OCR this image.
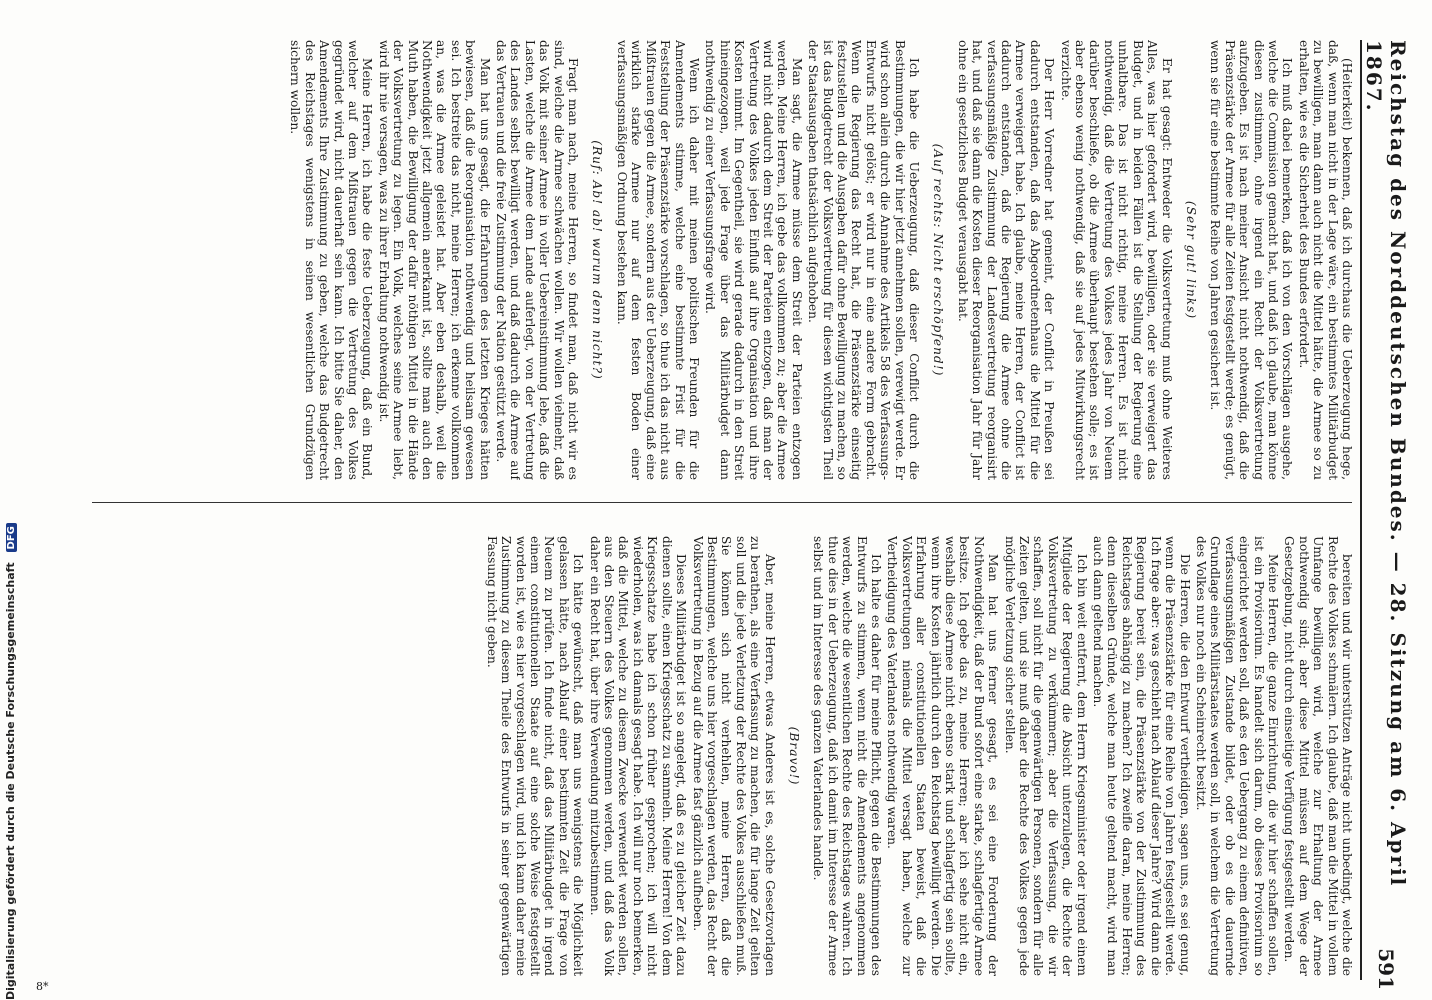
Reichstag des Norddeutschen Bundes. — 28. Sitzung am 6. April 1867.
591

(Heiterkeit) bekennen, daß ich durchaus die Ueberzeugung hege, daß, wenn man nicht in der Lage wäre, ein bestimmtes Militärbudget zu bewilligen, man dann auch nicht die Mittel hätte, die Armee so zu erhalten, wie es die Sicherheit des Bundes erfordert.

Ich muß dabei bemerken, daß ich von den Vorschlägen ausgehe, welche die Commission gemacht hat, und daß ich glaube, man könne diesen zustimmen, ohne irgend ein Recht der Volksvertretung aufzugeben. Es ist nach meiner Ansicht nicht nothwendig, daß die Präsenzstärke der Armee für alle Zeiten festgestellt werde; es genügt, wenn sie für eine bestimmte Reihe von Jahren gesichert ist.

(Sehr gut! links)

Er hat gesagt: Entweder die Volksvertretung muß ohne Weiteres Alles, was hier gefordert wird, bewilligen, oder sie verweigert das Budget, und in beiden Fällen ist die Stellung der Regierung eine unhaltbare. Das ist nicht richtig, meine Herren. Es ist nicht nothwendig, daß die Vertretung des Volkes jedes Jahr von Neuem darüber beschließe, ob die Armee überhaupt bestehen solle; es ist aber ebenso wenig nothwendig, daß sie auf jedes Mitwirkungsrecht verzichte.

Der Herr Vorredner hat gemeint, der Conflict in Preußen sei dadurch entstanden, daß das Abgeordnetenhaus die Mittel für die Armee verweigert habe. Ich glaube, meine Herren, der Conflict ist dadurch entstanden, daß die Regierung die Armee ohne die verfassungsmäßige Zustimmung der Landesvertretung reorganisirt hat, und daß sie dann die Kosten dieser Reorganisation Jahr für Jahr ohne ein gesetzliches Budget verausgabt hat.

(Auf rechts: Nicht erschöpfend!)

Ich habe die Ueberzeugung, daß dieser Conflict durch die Bestimmungen, die wir hier jetzt annehmen sollen, verewigt werde. Er wird schon allein durch die Annahme des Artikels 58 des Verfassungs-Entwurfs nicht gelöst; er wird nur in eine andere Form gebracht. Wenn die Regierung das Recht hat, die Präsenzstärke einseitig festzustellen und die Ausgaben dafür ohne Bewilligung zu machen, so ist das Budgetrecht der Volksvertretung für diesen wichtigsten Theil der Staatsausgaben thatsächlich aufgehoben.

Man sagt, die Armee müsse dem Streit der Parteien entzogen werden. Meine Herren, ich gebe das vollkommen zu; aber die Armee wird nicht dadurch dem Streit der Parteien entzogen, daß man der Vertretung des Volkes jeden Einfluß auf ihre Organisation und ihre Kosten nimmt. Im Gegentheil, sie wird gerade dadurch in den Streit hineingezogen, weil jede Frage über das Militärbudget dann nothwendig zu einer Verfassungsfrage wird.

Wenn ich daher mit meinen politischen Freunden für die Amendements stimme, welche eine bestimmte Frist für die Feststellung der Präsenzstärke vorschlagen, so thue ich das nicht aus Mißtrauen gegen die Armee, sondern aus der Ueberzeugung, daß eine wirklich starke Armee nur auf dem festen Boden einer verfassungsmäßigen Ordnung bestehen kann.

(Ruf: Ab! ab! warum denn nicht?)

Fragt man nach, meine Herren, so findet man, daß nicht wir es sind, welche die Armee schwächen wollen. Wir wollen vielmehr, daß das Volk mit seiner Armee in voller Uebereinstimmung lebe, daß die Lasten, welche die Armee dem Lande auferlegt, von der Vertretung des Landes selbst bewilligt werden, und daß dadurch die Armee auf das Vertrauen und die freie Zustimmung der Nation gestützt werde.

Man hat uns gesagt, die Erfahrungen des letzten Krieges hätten bewiesen, daß die Reorganisation nothwendig und heilsam gewesen sei. Ich bestreite das nicht, meine Herren; ich erkenne vollkommen an, was die Armee geleistet hat. Aber eben deshalb, weil die Nothwendigkeit jetzt allgemein anerkannt ist, sollte man auch den Muth haben, die Bewilligung der dafür nöthigen Mittel in die Hände der Volksvertretung zu legen. Ein Volk, welches seine Armee liebt, wird ihr nie versagen, was zu ihrer Erhaltung nothwendig ist.

Meine Herren, ich habe die feste Ueberzeugung, daß ein Bund, welcher auf dem Mißtrauen gegen die Vertretung des Volkes gegründet wird, nicht dauerhaft sein kann. Ich bitte Sie daher, den Amendements Ihre Zustimmung zu geben, welche das Budgetrecht des Reichstages wenigstens in seinen wesentlichen Grundzügen sichern wollen.

bereiten und wir unterstützen Anträge nicht unbedingt, welche die Rechte des Volkes schmälern. Ich glaube, daß man die Mittel in vollem Umfange bewilligen wird, welche zur Erhaltung der Armee nothwendig sind; aber diese Mittel müssen auf dem Wege der Gesetzgebung, nicht durch einseitige Verfügung festgestellt werden.

Meine Herren, die ganze Einrichtung, die wir hier schaffen sollen, ist ein Provisorium. Es handelt sich darum, ob dieses Provisorium so eingerichtet werden soll, daß es den Uebergang zu einem definitiven, verfassungsmäßigen Zustande bildet, oder ob es die dauernde Grundlage eines Militärstaates werden soll, in welchem die Vertretung des Volkes nur noch ein Scheinrecht besitzt.

Die Herren, die den Entwurf vertheidigen, sagen uns, es sei genug, wenn die Präsenzstärke für eine Reihe von Jahren festgestellt werde. Ich frage aber: was geschieht nach Ablauf dieser Jahre? Wird dann die Regierung bereit sein, die Präsenzstärke von der Zustimmung des Reichstages abhängig zu machen? Ich zweifle daran, meine Herren; denn dieselben Gründe, welche man heute geltend macht, wird man auch dann geltend machen.

Ich bin weit entfernt, dem Herrn Kriegsminister oder irgend einem Mitgliede der Regierung die Absicht unterzulegen, die Rechte der Volksvertretung zu verkümmern; aber die Verfassung, die wir schaffen, soll nicht für die gegenwärtigen Personen, sondern für alle Zeiten gelten, und sie muß daher die Rechte des Volkes gegen jede mögliche Verletzung sicher stellen.

Man hat uns ferner gesagt, es sei eine Forderung der Nothwendigkeit, daß der Bund sofort eine starke, schlagfertige Armee besitze. Ich gebe das zu, meine Herren; aber ich sehe nicht ein, weshalb diese Armee nicht ebenso stark und schlagfertig sein sollte, wenn ihre Kosten jährlich durch den Reichstag bewilligt werden. Die Erfahrung aller constitutionellen Staaten beweist, daß die Volksvertretungen niemals die Mittel versagt haben, welche zur Vertheidigung des Vaterlandes nothwendig waren.

Ich halte es daher für meine Pflicht, gegen die Bestimmungen des Entwurfs zu stimmen, wenn nicht die Amendements angenommen werden, welche die wesentlichen Rechte des Reichstages wahren. Ich thue dies in der Ueberzeugung, daß ich damit im Interesse der Armee selbst und im Interesse des ganzen Vaterlandes handle.

(Bravo!)

Aber, meine Herren, etwas Anderes ist es, solche Gesetzvorlagen zu berathen, als eine Verfassung zu machen, die für lange Zeit gelten soll und die jede Verletzung der Rechte des Volkes ausschließen muß. Sie können sich nicht verhehlen, meine Herren, daß die Bestimmungen, welche uns hier vorgeschlagen werden, das Recht der Volksvertretung in Bezug auf die Armee fast gänzlich aufheben.

Dieses Militärbudget ist so angelegt, daß es zu gleicher Zeit dazu dienen sollte, einen Kriegsschatz zu sammeln. Meine Herren! Von dem Kriegsschatze habe ich schon früher gesprochen; ich will nicht wiederholen, was ich damals gesagt habe. Ich will nur noch bemerken, daß die Mittel, welche zu diesem Zwecke verwendet werden sollen, aus den Steuern des Volkes genommen werden, und daß das Volk daher ein Recht hat, über ihre Verwendung mitzubestimmen.

Ich hätte gewünscht, daß man uns wenigstens die Möglichkeit gelassen hätte, nach Ablauf einer bestimmten Zeit die Frage von Neuem zu prüfen. Ich finde nicht, daß das Militärbudget in irgend einem constitutionellen Staate auf eine solche Weise festgestellt worden ist, wie es hier vorgeschlagen wird, und ich kann daher meine Zustimmung zu diesem Theile des Entwurfs in seiner gegenwärtigen Fassung nicht geben.

8*
Digitalisierung gefördert durch die Deutsche Forschungsgemeinschaft DFG
